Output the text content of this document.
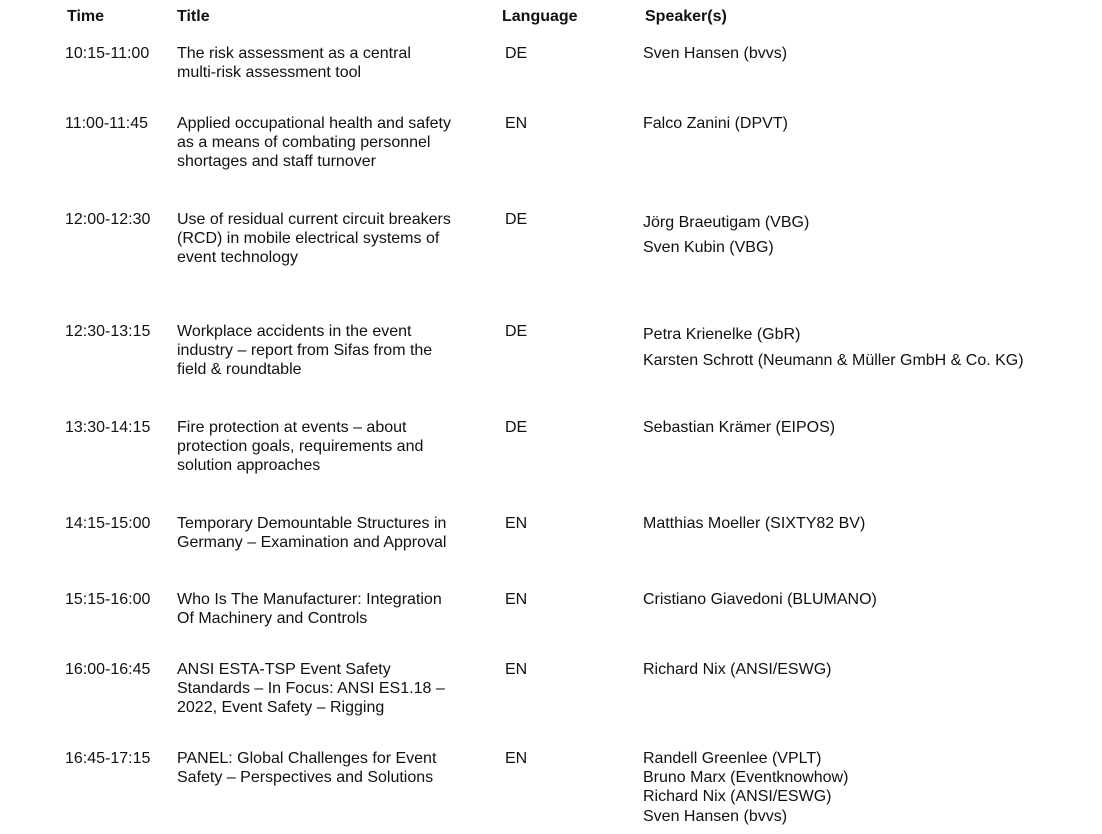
Time	Title	Language	Speaker(s)
10:15-11:00 The risk assessment as a central
multi-risk assessment tool
DE	Sven Hansen (bvvs)
11:00-11:45 Applied occupational health and safety
as a means of combating personnel
shortages and staff turnover
EN	Falco Zanini (DPVT)
12:00-12:30 Use of residual current circuit breakers
(RCD) in mobile electrical systems of
event technology
DE	Jörg Braeutigam (VBG)
Sven Kubin (VBG)
12:30-13:15 Workplace accidents in the event
industry – report from Sifas from the
field & roundtable
DE	Petra Krienelke (GbR)
Karsten Schrott (Neumann & Müller GmbH & Co. KG)
13:30-14:15 Fire protection at events – about
protection goals, requirements and
solution approaches
DE	Sebastian Krämer (EIPOS)
14:15-15:00 Temporary Demountable Structures in
Germany – Examination and Approval
EN	Matthias Moeller (SIXTY82 BV)
15:15-16:00 Who Is The Manufacturer: Integration
Of Machinery and Controls
EN	Cristiano Giavedoni (BLUMANO)
16:00-16:45 ANSI ESTA-TSP Event Safety
Standards – In Focus: ANSI ES1.18 –
2022, Event Safety – Rigging
EN	Richard Nix (ANSI/ESWG)
16:45-17:15 PANEL: Global Challenges for Event
Safety – Perspectives and Solutions
EN	Randell Greenlee (VPLT)
Bruno Marx (Eventknowhow)
Richard Nix (ANSI/ESWG)
Sven Hansen (bvvs)
